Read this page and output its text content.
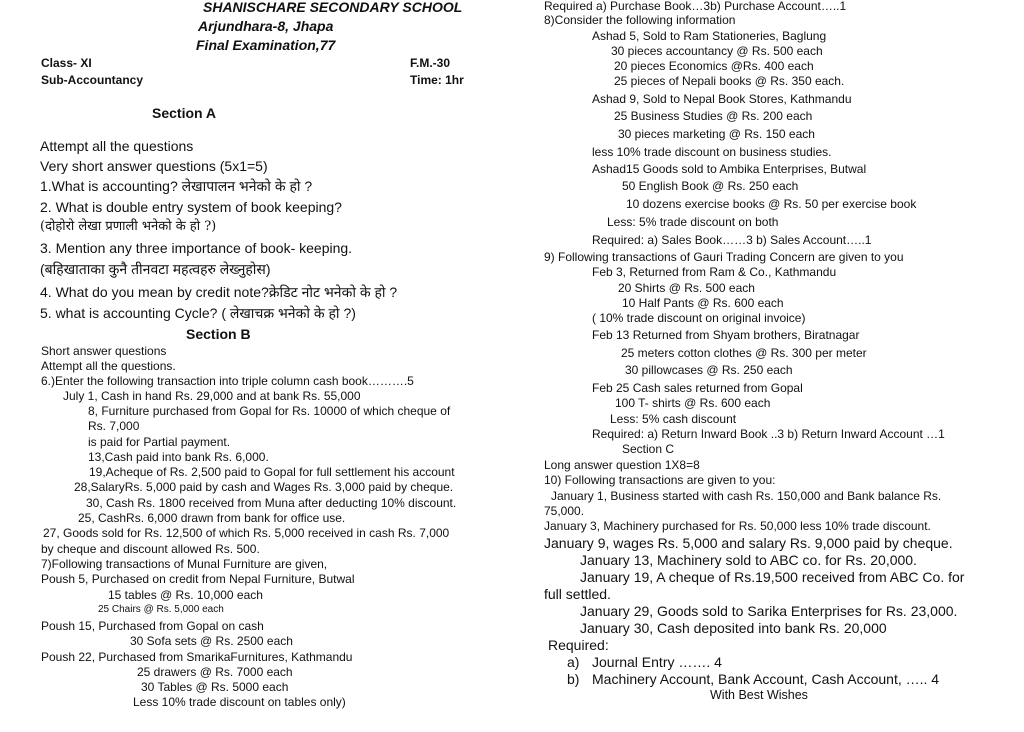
SHANISCHARE SECONDARY SCHOOL
Arjundhara-8, Jhapa
Final Examination,77
Class- XI	F.M.-30
Sub-Accountancy	Time: 1hr
Section A
Attempt all the questions
Very short answer questions (5x1=5)
1.What is accounting? लेखापालन भनेको के हो ?
2. What is double entry system of book keeping?
(दोहोरो लेखा प्रणाली भनेको के हो ?)
3. Mention any three importance of book- keeping.
(बहिखाताका कुनै तीनवटा महत्वहरु लेख्नुहोस)
4. What do you mean by credit note?क्रेडिट नोट भनेको के हो ?
5. what is accounting Cycle? ( लेखाचक्र भनेको के हो ?)
Section B
Short answer questions
Attempt all the questions.
6.)Enter the following transaction into triple column cash book……….5
July 1, Cash in hand Rs. 29,000 and at bank Rs. 55,000
8, Furniture purchased from Gopal for Rs. 10000 of which cheque of
Rs. 7,000
is paid for Partial payment.
13,Cash paid into bank Rs. 6,000.
19,Acheque of Rs. 2,500 paid to Gopal for full settlement his account
28,SalaryRs. 5,000 paid by cash and Wages Rs. 3,000 paid by cheque.
30, Cash Rs. 1800 received from Muna after deducting 10% discount.
25, CashRs. 6,000 drawn from bank for office use.
27, Goods sold for Rs. 12,500 of which Rs. 5,000 received in cash Rs. 7,000
by cheque and discount allowed Rs. 500.
7)Following transactions of Munal Furniture are given,
Poush 5, Purchased on credit from Nepal Furniture, Butwal
15 tables @ Rs. 10,000 each
25 Chairs @ Rs. 5,000 each
Poush 15, Purchased from Gopal on cash
30 Sofa sets @ Rs. 2500 each
Poush 22, Purchased from SmarikaFurnitures, Kathmandu
25 drawers @ Rs. 7000 each
30 Tables @ Rs. 5000 each
Less 10% trade discount on tables only)
Required a) Purchase Book…3b) Purchase Account…..1
8)Consider the following information
Ashad 5, Sold to Ram Stationeries, Baglung
30 pieces accountancy @ Rs. 500 each
20 pieces Economics @Rs. 400 each
25 pieces of Nepali books @ Rs. 350 each.
Ashad 9, Sold to Nepal Book Stores, Kathmandu
25 Business Studies @ Rs. 200 each
30 pieces marketing @ Rs. 150 each
less 10% trade discount on business studies.
Ashad15 Goods sold to Ambika Enterprises, Butwal
50 English Book @ Rs. 250 each
10 dozens exercise books @ Rs. 50 per exercise book
Less: 5% trade discount on both
Required: a) Sales Book……3 b) Sales Account…..1
9) Following transactions of Gauri Trading Concern are given to you
Feb 3, Returned from Ram & Co., Kathmandu
20 Shirts @ Rs. 500 each
10 Half Pants @ Rs. 600 each
( 10% trade discount on original invoice)
Feb 13 Returned from Shyam brothers, Biratnagar
25 meters cotton clothes @ Rs. 300 per meter
30 pillowcases @ Rs. 250 each
Feb 25 Cash sales returned from Gopal
100 T- shirts @ Rs. 600 each
Less: 5% cash discount
Required: a) Return Inward Book ..3 b) Return Inward Account …1
Section C
Long answer question 1X8=8
10) Following transactions are given to you:
January 1, Business started with cash Rs. 150,000 and Bank balance Rs.
75,000.
January 3, Machinery purchased for Rs. 50,000 less 10% trade discount.
January 9, wages Rs. 5,000 and salary Rs. 9,000 paid by cheque.
January 13, Machinery sold to ABC co. for Rs. 20,000.
January 19, A cheque of Rs.19,500 received from ABC Co. for
full settled.
January 29, Goods sold to Sarika Enterprises for Rs. 23,000.
January 30, Cash deposited into bank Rs. 20,000
Required:
a) Journal Entry ……. 4
b) Machinery Account, Bank Account, Cash Account, ….. 4
With Best Wishes
